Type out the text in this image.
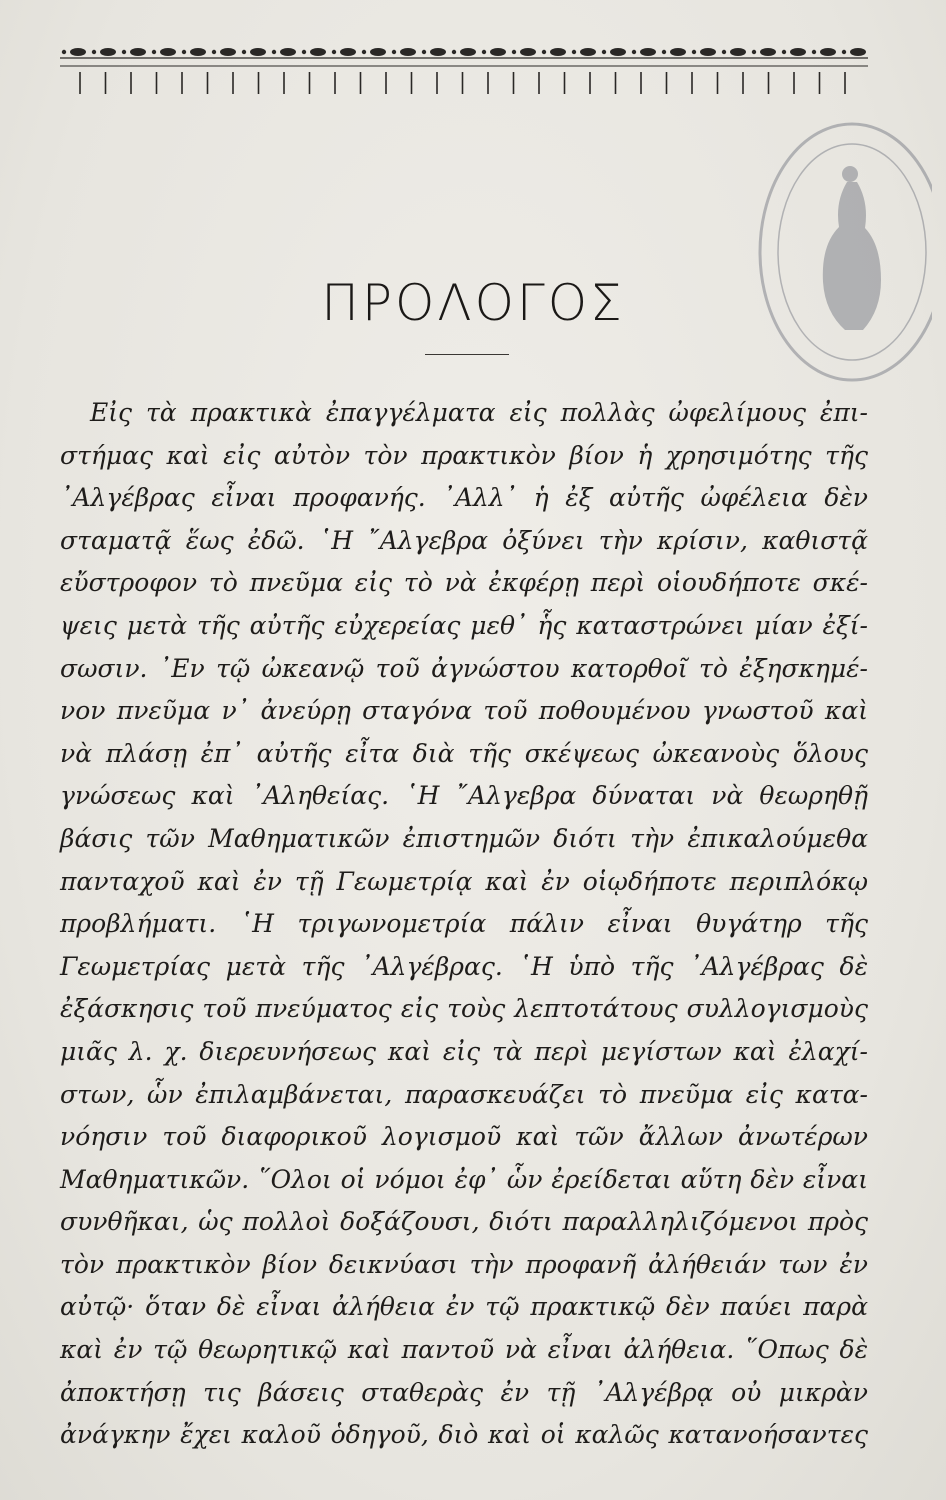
ΠΡΟΛΟΓΟΣ
Εἰς τὰ πρακτικὰ ἐπαγγέλματα εἰς πολλὰς ὠφελίμους ἐπι-
στήμας καὶ εἰς αὐτὸν τὸν πρακτικὸν βίον ἡ χρησιμότης τῆς
᾿Αλγέβρας εἶναι προφανής. ᾿Αλλ᾿ ἡ ἐξ αὐτῆς ὠφέλεια δὲν
σταματᾷ ἕως ἐδῶ. ῾Η ῎Αλγεβρα ὀξύνει τὴν κρίσιν, καθιστᾷ
εὔστροφον τὸ πνεῦμα εἰς τὸ νὰ ἐκφέρῃ περὶ οἱουδήποτε σκέ-
ψεις μετὰ τῆς αὐτῆς εὐχερείας μεθ᾿ ἧς καταστρώνει μίαν ἐξί-
σωσιν. ᾿Εν τῷ ὠκεανῷ τοῦ ἀγνώστου κατορθοῖ τὸ ἐξησκημέ-
νον πνεῦμα ν᾿ ἀνεύρῃ σταγόνα τοῦ ποθουμένου γνωστοῦ καὶ
νὰ πλάσῃ ἐπ᾿ αὐτῆς εἶτα διὰ τῆς σκέψεως ὠκεανοὺς ὅλους
γνώσεως καὶ ᾿Αληθείας. ῾Η ῎Αλγεβρα δύναται νὰ θεωρηθῇ
βάσις τῶν Μαθηματικῶν ἐπιστημῶν διότι τὴν ἐπικαλούμεθα
πανταχοῦ καὶ ἐν τῇ Γεωμετρίᾳ καὶ ἐν οἱῳδήποτε περιπλόκῳ
προβλήματι. ῾Η τριγωνομετρία πάλιν εἶναι θυγάτηρ τῆς
Γεωμετρίας μετὰ τῆς ᾿Αλγέβρας. ῾Η ὑπὸ τῆς ᾿Αλγέβρας δὲ
ἐξάσκησις τοῦ πνεύματος εἰς τοὺς λεπτοτάτους συλλογισμοὺς
μιᾶς λ. χ. διερευνήσεως καὶ εἰς τὰ περὶ μεγίστων καὶ ἐλαχί-
στων, ὧν ἐπιλαμβάνεται, παρασκευάζει τὸ πνεῦμα εἰς κατα-
νόησιν τοῦ διαφορικοῦ λογισμοῦ καὶ τῶν ἄλλων ἀνωτέρων
Μαθηματικῶν. ῞Ολοι οἱ νόμοι ἐφ᾿ ὧν ἐρείδεται αὕτη δὲν εἶναι
συνθῆκαι, ὡς πολλοὶ δοξάζουσι, διότι παραλληλιζόμενοι πρὸς
τὸν πρακτικὸν βίον δεικνύασι τὴν προφανῆ ἀλήθειάν των ἐν
αὐτῷ· ὅταν δὲ εἶναι ἀλήθεια ἐν τῷ πρακτικῷ δὲν παύει παρὰ
καὶ ἐν τῷ θεωρητικῷ καὶ παντοῦ νὰ εἶναι ἀλήθεια. ῞Οπως δὲ
ἀποκτήσῃ τις βάσεις σταθερὰς ἐν τῇ ᾿Αλγέβρᾳ οὐ μικρὰν
ἀνάγκην ἔχει καλοῦ ὁδηγοῦ, διὸ καὶ οἱ καλῶς κατανοήσαντες
